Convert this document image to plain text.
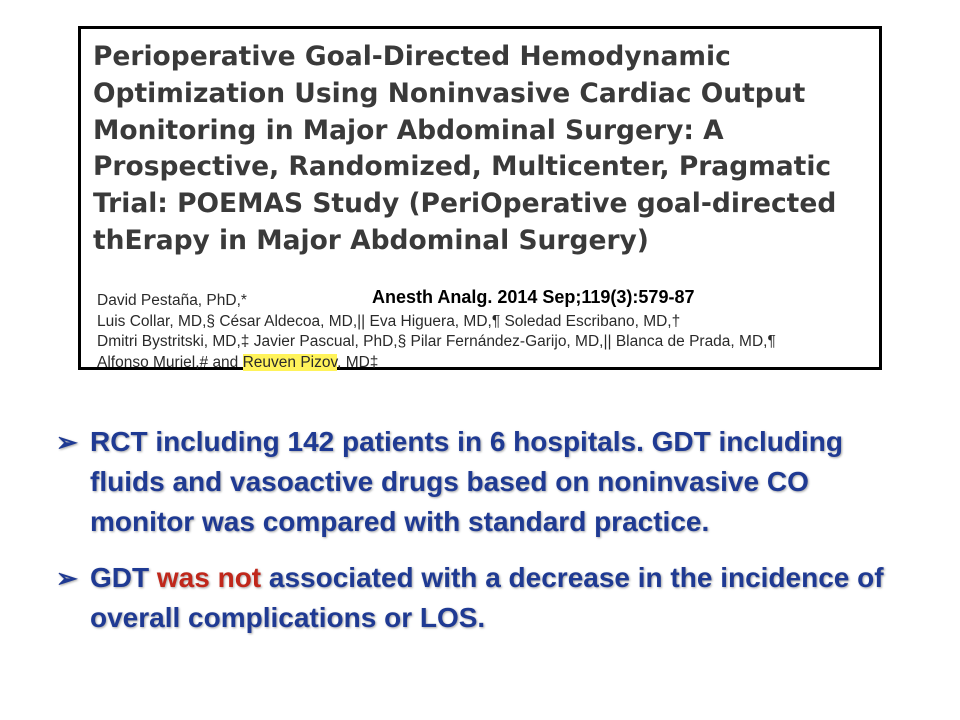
Perioperative Goal-Directed Hemodynamic Optimization Using Noninvasive Cardiac Output Monitoring in Major Abdominal Surgery: A Prospective, Randomized, Multicenter, Pragmatic Trial: POEMAS Study (PeriOperative goal-directed thErapy in Major Abdominal Surgery)

David Pestaña, PhD,*
Luis Collar, MD,§ César Aldecoa, MD,|| Eva Higuera, MD,¶ Soledad Escribano, MD,†
Dmitri Bystritski, MD,‡ Javier Pascual, PhD,§ Pilar Fernández-Garijo, MD,|| Blanca de Prada, MD,¶
Alfonso Muriel,# and Reuven Pizov, MD‡
Anesth Analg. 2014 Sep;119(3):579-87

➢ RCT including 142 patients in 6 hospitals. GDT including fluids and vasoactive drugs based on noninvasive CO monitor was compared with standard practice.

➢ GDT was not associated with a decrease in the incidence of overall complications or LOS.
